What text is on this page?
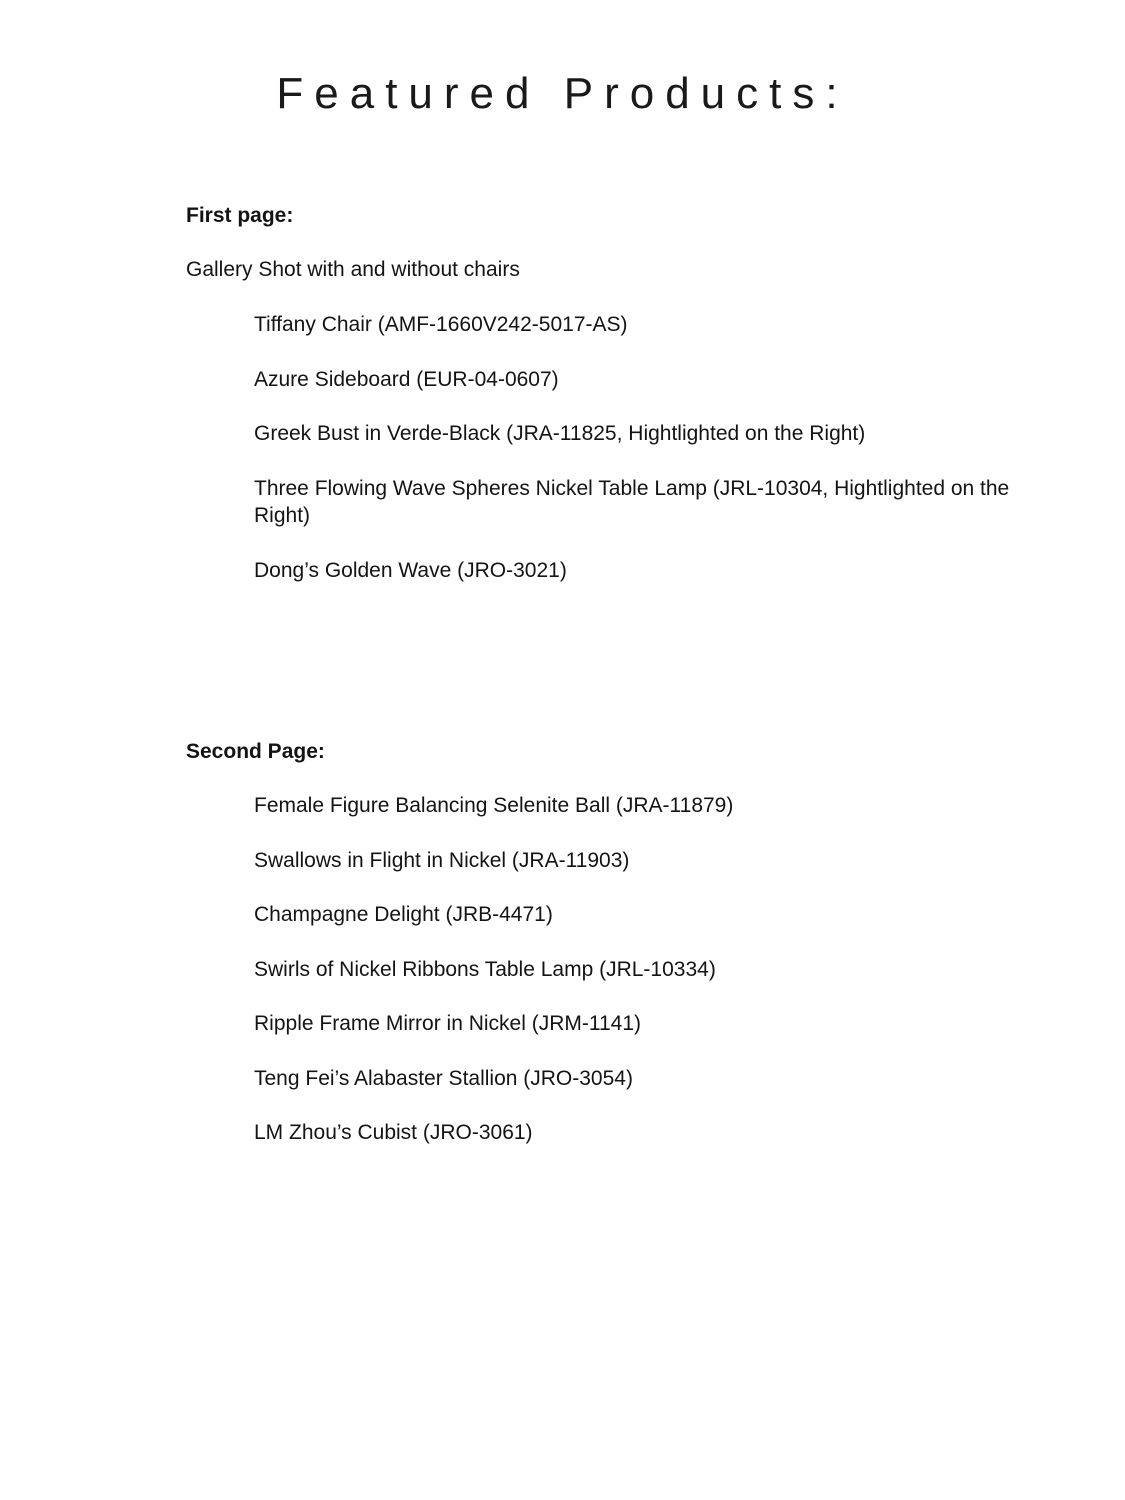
Featured Products:

First page:

Gallery Shot with and without chairs

Tiffany Chair (AMF-1660V242-5017-AS)
Azure Sideboard (EUR-04-0607)
Greek Bust in Verde-Black (JRA-11825, Hightlighted on the Right)
Three Flowing Wave Spheres Nickel Table Lamp (JRL-10304, Hightlighted on the Right)
Dong’s Golden Wave (JRO-3021)

Second Page:

Female Figure Balancing Selenite Ball (JRA-11879)
Swallows in Flight in Nickel (JRA-11903)
Champagne Delight (JRB-4471)
Swirls of Nickel Ribbons Table Lamp (JRL-10334)
Ripple Frame Mirror in Nickel (JRM-1141)
Teng Fei’s Alabaster Stallion (JRO-3054)
LM Zhou’s Cubist (JRO-3061)
